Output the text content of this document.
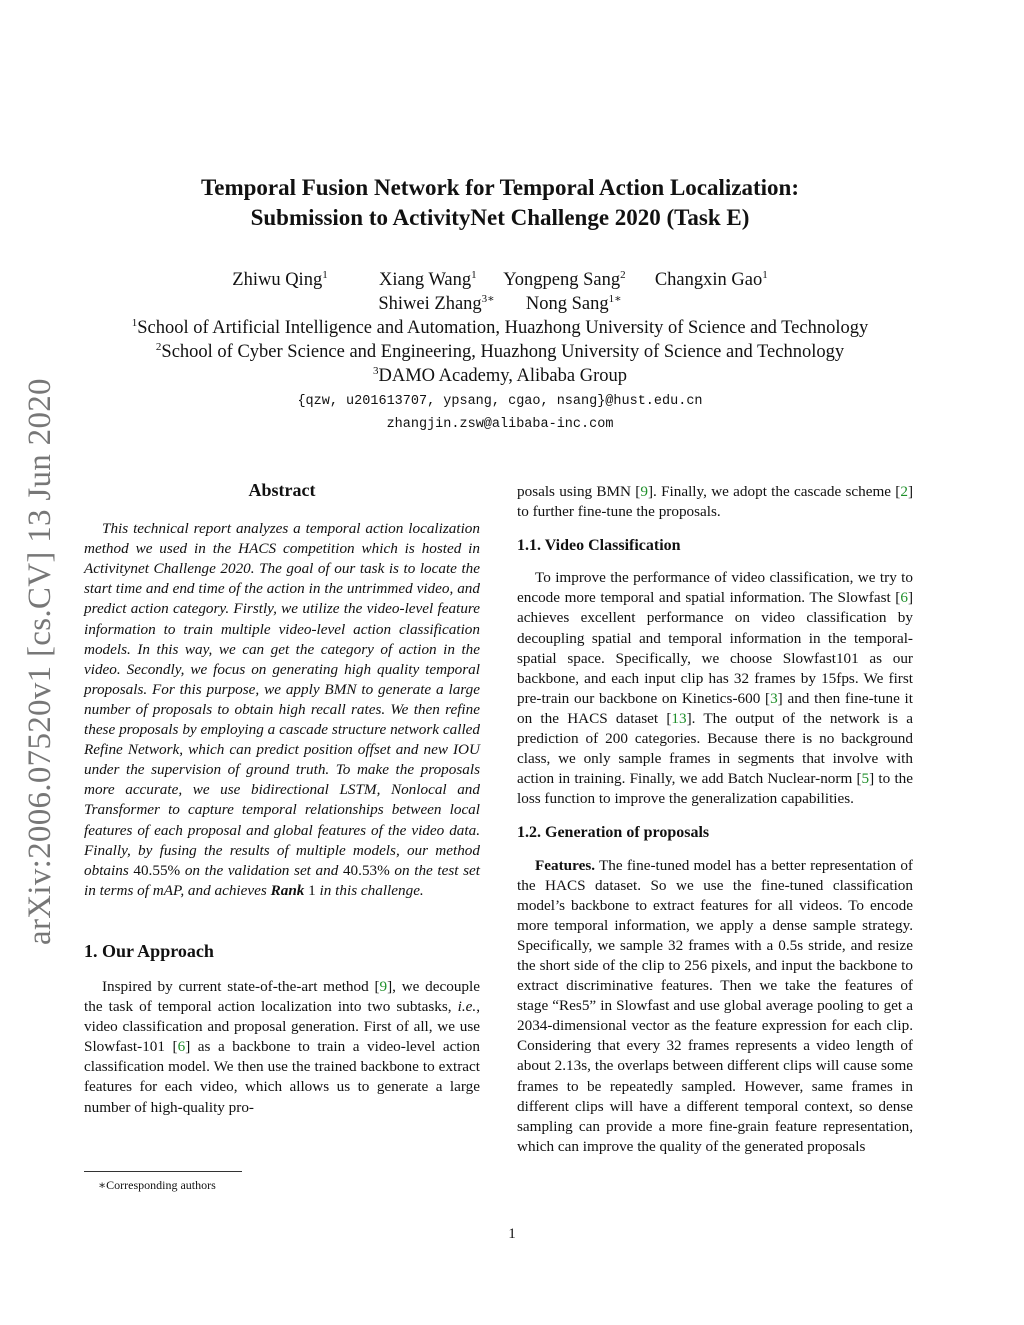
arXiv:2006.07520v1 [cs.CV] 13 Jun 2020
Temporal Fusion Network for Temporal Action Localization:
Submission to ActivityNet Challenge 2020 (Task E)
Zhiwu Qing$^1$	Xiang Wang$^1$ Yongpeng Sang$^2$ Changxin Gao$^1$
Shiwei Zhang$^{3∗}$ Nong Sang$^{1∗}$
$^1$School of Artificial Intelligence and Automation, Huazhong University of Science and Technology
$^2$School of Cyber Science and Engineering, Huazhong University of Science and Technology
$^3$DAMO Academy, Alibaba Group
{qzw, u201613707, ypsang, cgao, nsang}@hust.edu.cn
zhangjin.zsw@alibaba-inc.com
Abstract

This technical report analyzes a temporal action localization method we used in the HACS competition which is hosted in Activitynet Challenge 2020. The goal of our task is to locate the start time and end time of the action in the untrimmed video, and predict action category. Firstly, we utilize the video-level feature information to train multiple video-level action classification models. In this way, we can get the category of action in the video. Secondly, we focus on generating high quality temporal proposals. For this purpose, we apply BMN to generate a large number of proposals to obtain high recall rates. We then refine these proposals by employing a cascade structure network called Refine Network, which can predict position offset and new IOU under the supervision of ground truth. To make the proposals more accurate, we use bidirectional LSTM, Nonlocal and Transformer to capture temporal relationships between local features of each proposal and global features of the video data. Finally, by fusing the results of multiple models, our method obtains 40.55% on the validation set and 40.53% on the test set in terms of mAP, and achieves Rank 1 in this challenge.

1. Our Approach

Inspired by current state-of-the-art method [9], we decouple the task of temporal action localization into two subtasks, i.e., video classification and proposal generation. First of all, we use Slowfast-101 [6] as a backbone to train a video-level action classification model. We then use the trained backbone to extract features for each video, which allows us to generate a large number of high-quality pro-

∗Corresponding authors

posals using BMN [9]. Finally, we adopt the cascade scheme [2] to further fine-tune the proposals.

1.1. Video Classification

To improve the performance of video classification, we try to encode more temporal and spatial information. The Slowfast [6] achieves excellent performance on video classification by decoupling spatial and temporal information in the temporal-spatial space. Specifically, we choose Slowfast101 as our backbone, and each input clip has 32 frames by 15fps. We first pre-train our backbone on Kinetics-600 [3] and then fine-tune it on the HACS dataset [13]. The output of the network is a prediction of 200 categories. Because there is no background class, we only sample frames in segments that involve with action in training. Finally, we add Batch Nuclear-norm [5] to the loss function to improve the generalization capabilities.

1.2. Generation of proposals

Features. The fine-tuned model has a better representation of the HACS dataset. So we use the fine-tuned classification model’s backbone to extract features for all videos. To encode more temporal information, we apply a dense sample strategy. Specifically, we sample 32 frames with a 0.5s stride, and resize the short side of the clip to 256 pixels, and input the backbone to extract discriminative features. Then we take the features of stage “Res5” in Slowfast and use global average pooling to get a 2034-dimensional vector as the feature expression for each clip. Considering that every 32 frames represents a video length of about 2.13s, the overlaps between different clips will cause some frames to be repeatedly sampled. However, same frames in different clips will have a different temporal context, so dense sampling can provide a more fine-grain feature representation, which can improve the quality of the generated proposals

1
